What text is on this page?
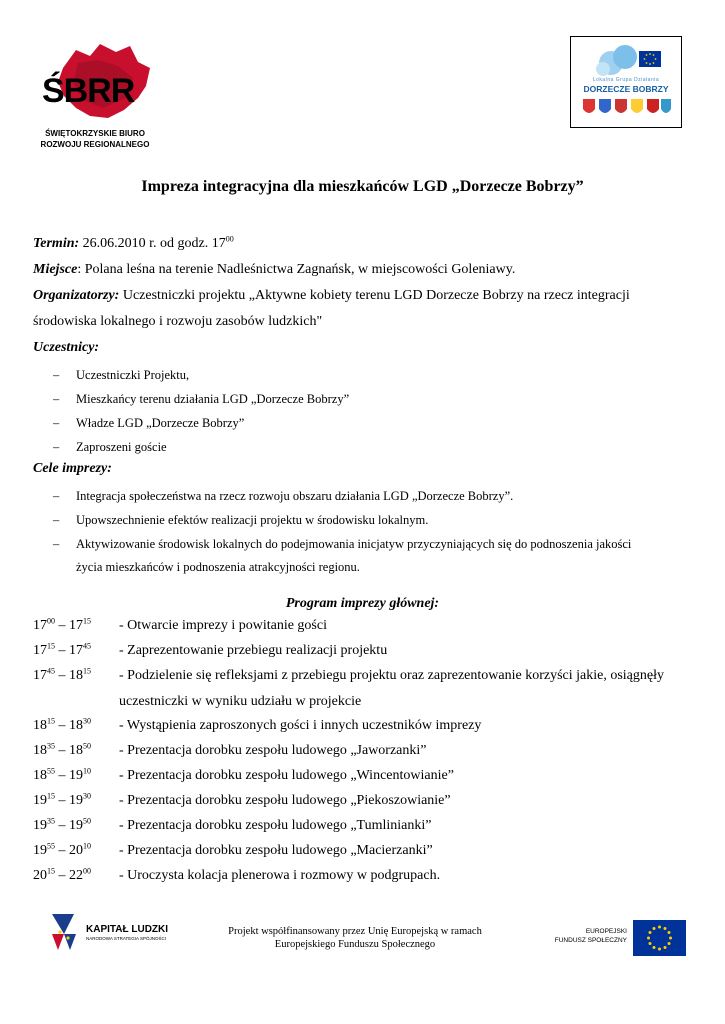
ŚBRR
ŚWIĘTOKRZYSKIE BIURO
ROZWOJU REGIONALNEGO
Lokalna Grupa Działania
DORZECZE BOBRZY
Impreza integracyjna dla mieszkańców LGD „Dorzecze Bobrzy”
Termin: 26.06.2010 r. od godz. $17^{00}$
Miejsce: Polana leśna na terenie Nadleśnictwa Zagnańsk, w miejscowości Goleniawy.
Organizatorzy: Uczestniczki projektu „Aktywne kobiety terenu LGD Dorzecze Bobrzy na rzecz integracji
środowiska lokalnego i rozwoju zasobów ludzkich"
Uczestnicy:
– Uczestniczki Projektu,
– Mieszkańcy terenu działania LGD „Dorzecze Bobrzy”
– Władze LGD „Dorzecze Bobrzy”
– Zaproszeni goście
Cele imprezy:
– Integracja społeczeństwa na rzecz rozwoju obszaru działania LGD „Dorzecze Bobrzy”.
– Upowszechnienie efektów realizacji projektu w środowisku lokalnym.
– Aktywizowanie środowisk lokalnych do podejmowania inicjatyw przyczyniających się do podnoszenia jakości
życia mieszkańców i podnoszenia atrakcyjności regionu.
Program imprezy głównej:
$17^{00} - 17^{15}$ - Otwarcie imprezy i powitanie gości
$17^{15} - 17^{45}$ - Zaprezentowanie przebiegu realizacji projektu
$17^{45} - 18^{15}$ - Podzielenie się refleksjami z przebiegu projektu oraz zaprezentowanie korzyści jakie, osiągnęły
uczestniczki w wyniku udziału w projekcie
$18^{15} - 18^{30}$ - Wystąpienia zaproszonych gości i innych uczestników imprezy
$18^{35} - 18^{50}$ - Prezentacja dorobku zespołu ludowego „Jaworzanki”
$18^{55} - 19^{10}$ - Prezentacja dorobku zespołu ludowego „Wincentowianie”
$19^{15} - 19^{30}$ - Prezentacja dorobku zespołu ludowego „Piekoszowianie”
$19^{35} - 19^{50}$ - Prezentacja dorobku zespołu ludowego „Tumlinianki”
$19^{55} - 20^{10}$ - Prezentacja dorobku zespołu ludowego „Macierzanki”
$20^{15} - 22^{00}$ - Uroczysta kolacja plenerowa i rozmowy w podgrupach.
KAPITAŁ LUDZKI
NARODOWA STRATEGIA SPÓJNOŚCI
Projekt współfinansowany przez Unię Europejską w ramach
Europejskiego Funduszu Społecznego
EUROPEJSKI
FUNDUSZ SPOŁECZNY
